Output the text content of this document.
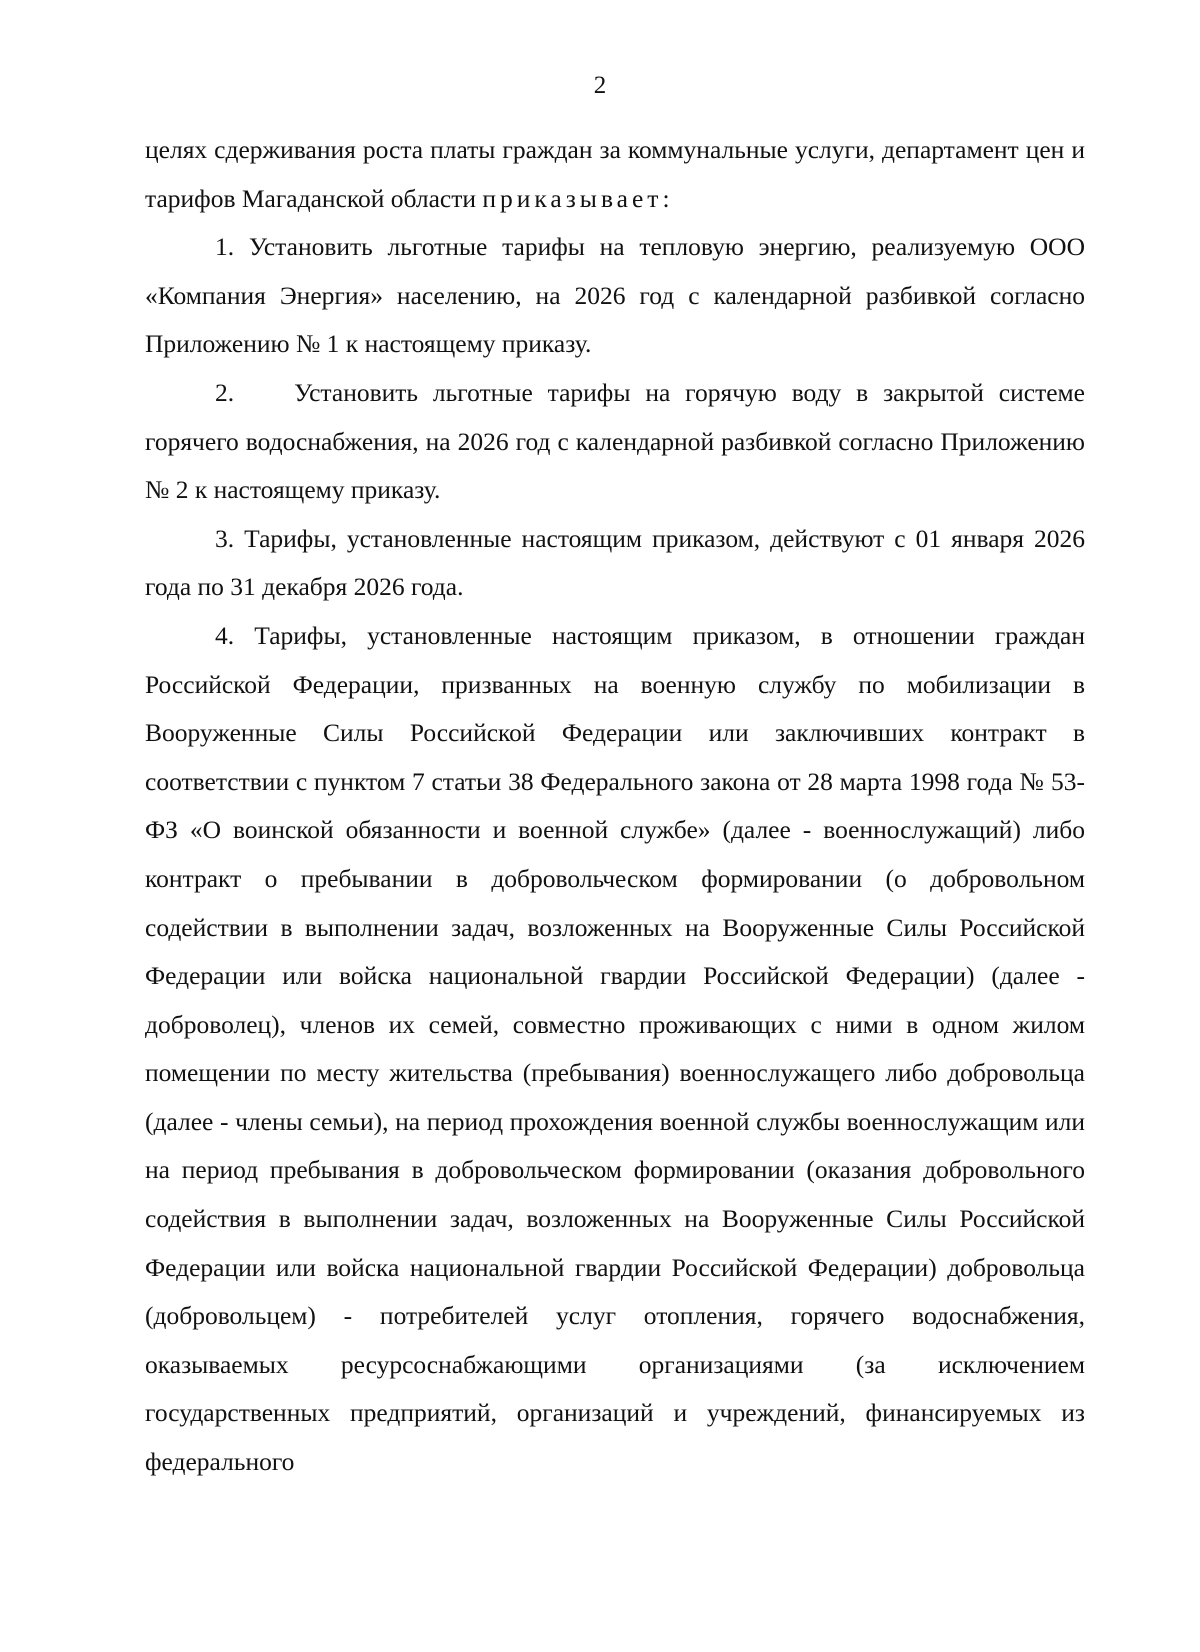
2

целях сдерживания роста платы граждан за коммунальные услуги, департамент цен и тарифов Магаданской области приказывает:

1. Установить льготные тарифы на тепловую энергию, реализуемую ООО «Компания Энергия» населению, на 2026 год с календарной разбивкой согласно Приложению № 1 к настоящему приказу.

2. Установить льготные тарифы на горячую воду в закрытой системе горячего водоснабжения, на 2026 год с календарной разбивкой согласно Приложению № 2 к настоящему приказу.

3. Тарифы, установленные настоящим приказом, действуют с 01 января 2026 года по 31 декабря 2026 года.

4. Тарифы, установленные настоящим приказом, в отношении граждан Российской Федерации, призванных на военную службу по мобилизации в Вооруженные Силы Российской Федерации или заключивших контракт в соответствии с пунктом 7 статьи 38 Федерального закона от 28 марта 1998 года № 53-ФЗ «О воинской обязанности и военной службе» (далее - военнослужащий) либо контракт о пребывании в добровольческом формировании (о добровольном содействии в выполнении задач, возложенных на Вооруженные Силы Российской Федерации или войска национальной гвардии Российской Федерации) (далее - доброволец), членов их семей, совместно проживающих с ними в одном жилом помещении по месту жительства (пребывания) военнослужащего либо добровольца (далее - члены семьи), на период прохождения военной службы военнослужащим или на период пребывания в добровольческом формировании (оказания добровольного содействия в выполнении задач, возложенных на Вооруженные Силы Российской Федерации или войска национальной гвардии Российской Федерации) добровольца (добровольцем) - потребителей услуг отопления, горячего водоснабжения, оказываемых ресурсоснабжающими организациями (за исключением государственных предприятий, организаций и учреждений, финансируемых из федерального
